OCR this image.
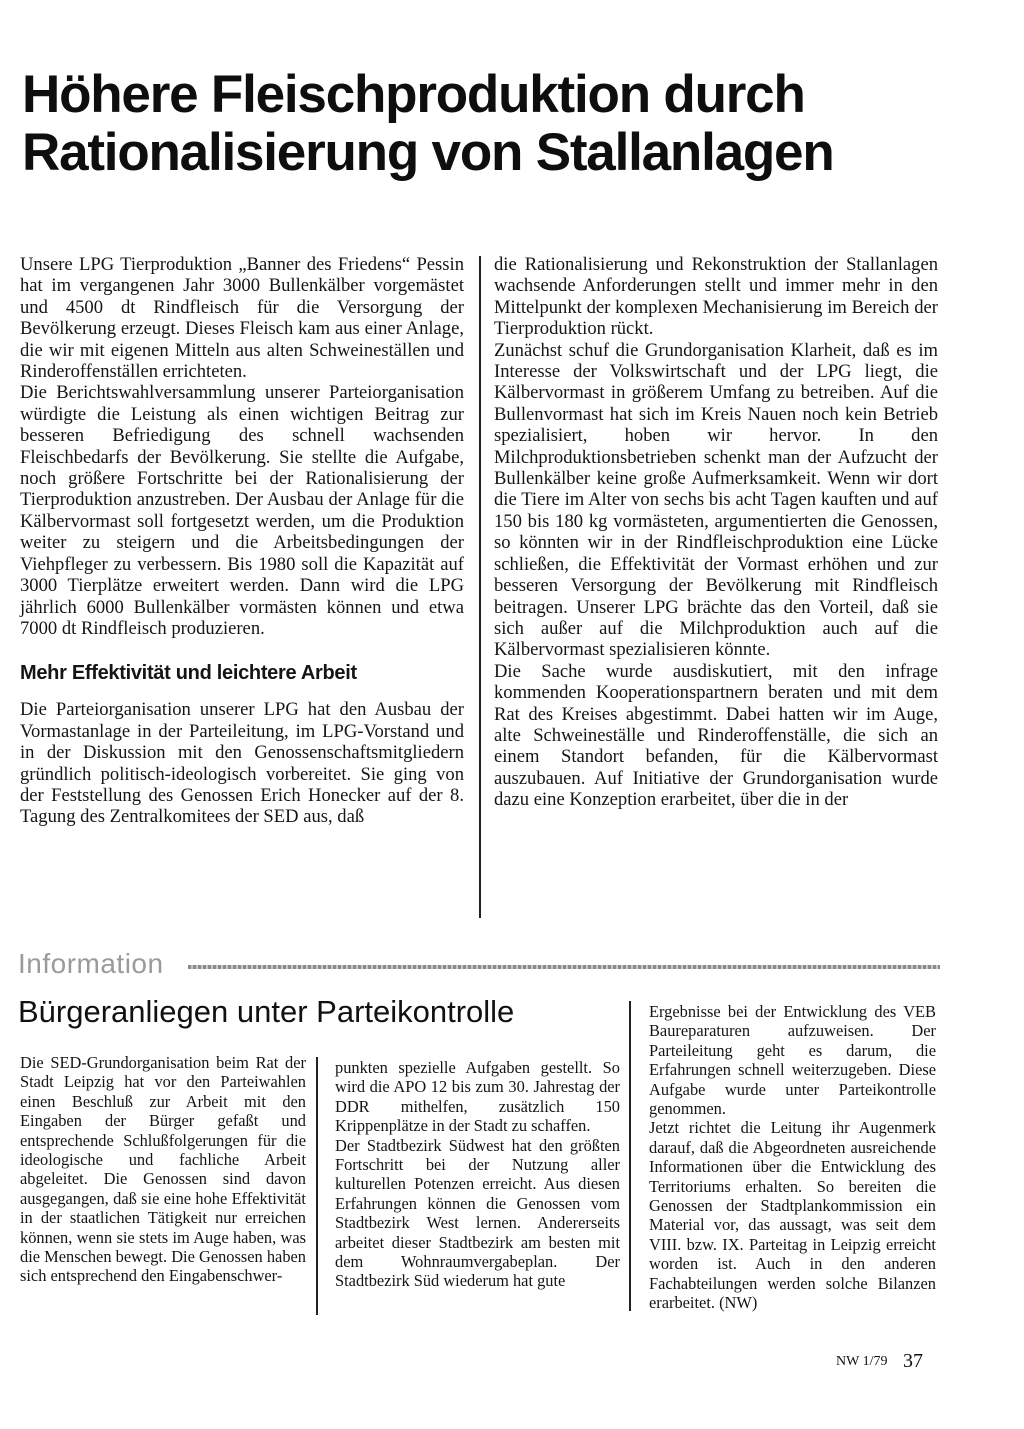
Höhere Fleischproduktion durch
Rationalisierung von Stallanlagen

Unsere LPG Tierproduktion „Banner des Friedens“ Pessin hat im vergangenen Jahr 3000 Bullenkälber vorgemästet und 4500 dt Rindfleisch für die Versorgung der Bevölkerung erzeugt. Dieses Fleisch kam aus einer Anlage, die wir mit eigenen Mitteln aus alten Schweineställen und Rinderoffenställen errichteten.

Die Berichtswahlversammlung unserer Parteiorganisation würdigte die Leistung als einen wichtigen Beitrag zur besseren Befriedigung des schnell wachsenden Fleischbedarfs der Bevölkerung. Sie stellte die Aufgabe, noch größere Fortschritte bei der Rationalisierung der Tierproduktion anzustreben. Der Ausbau der Anlage für die Kälbervormast soll fortgesetzt werden, um die Produktion weiter zu steigern und die Arbeitsbedingungen der Viehpfleger zu verbessern. Bis 1980 soll die Kapazität auf 3000 Tierplätze erweitert werden. Dann wird die LPG jährlich 6000 Bullenkälber vormästen können und etwa 7000 dt Rindfleisch produzieren.

Mehr Effektivität und leichtere Arbeit

Die Parteiorganisation unserer LPG hat den Ausbau der Vormastanlage in der Parteileitung, im LPG-Vorstand und in der Diskussion mit den Genossenschaftsmitgliedern gründlich politisch-ideologisch vorbereitet. Sie ging von der Feststellung des Genossen Erich Honecker auf der 8. Tagung des Zentralkomitees der SED aus, daß

die Rationalisierung und Rekonstruktion der Stallanlagen wachsende Anforderungen stellt und immer mehr in den Mittelpunkt der komplexen Mechanisierung im Bereich der Tierproduktion rückt.

Zunächst schuf die Grundorganisation Klarheit, daß es im Interesse der Volkswirtschaft und der LPG liegt, die Kälbervormast in größerem Umfang zu betreiben. Auf die Bullenvormast hat sich im Kreis Nauen noch kein Betrieb spezialisiert, hoben wir hervor. In den Milchproduktionsbetrieben schenkt man der Aufzucht der Bullenkälber keine große Aufmerksamkeit. Wenn wir dort die Tiere im Alter von sechs bis acht Tagen kauften und auf 150 bis 180 kg vormästeten, argumentierten die Genossen, so könnten wir in der Rindfleischproduktion eine Lücke schließen, die Effektivität der Vormast erhöhen und zur besseren Versorgung der Bevölkerung mit Rindfleisch beitragen. Unserer LPG brächte das den Vorteil, daß sie sich außer auf die Milchproduktion auch auf die Kälbervormast spezialisieren könnte.

Die Sache wurde ausdiskutiert, mit den infrage kommenden Kooperationspartnern beraten und mit dem Rat des Kreises abgestimmt. Dabei hatten wir im Auge, alte Schweineställe und Rinderoffenställe, die sich an einem Standort befanden, für die Kälbervormast auszubauen. Auf Initiative der Grundorganisation wurde dazu eine Konzeption erarbeitet, über die in der

Information
Bürgeranliegen unter Parteikontrolle

Die SED-Grundorganisation beim Rat der Stadt Leipzig hat vor den Parteiwahlen einen Beschluß zur Arbeit mit den Eingaben der Bürger gefaßt und entsprechende Schlußfolgerungen für die ideologische und fachliche Arbeit abgeleitet. Die Genossen sind davon ausgegangen, daß sie eine hohe Effektivität in der staatlichen Tätigkeit nur erreichen können, wenn sie stets im Auge haben, was die Menschen bewegt. Die Genossen haben sich entsprechend den Eingabenschwer-

punkten spezielle Aufgaben gestellt. So wird die APO 12 bis zum 30. Jahrestag der DDR mithelfen, zusätzlich 150 Krippenplätze in der Stadt zu schaffen.

Der Stadtbezirk Südwest hat den größten Fortschritt bei der Nutzung aller kulturellen Potenzen erreicht. Aus diesen Erfahrungen können die Genossen vom Stadtbezirk West lernen. Andererseits arbeitet dieser Stadtbezirk am besten mit dem Wohnraumvergabeplan. Der Stadtbezirk Süd wiederum hat gute

Ergebnisse bei der Entwicklung des VEB Baureparaturen aufzuweisen. Der Parteileitung geht es darum, die Erfahrungen schnell weiterzugeben. Diese Aufgabe wurde unter Parteikontrolle genommen.

Jetzt richtet die Leitung ihr Augenmerk darauf, daß die Abgeordneten ausreichende Informationen über die Entwicklung des Territoriums erhalten. So bereiten die Genossen der Stadtplankommission ein Material vor, das aussagt, was seit dem VIII. bzw. IX. Parteitag in Leipzig erreicht worden ist. Auch in den anderen Fachabteilungen werden solche Bilanzen erarbeitet. (NW)

NW 1/79 37
